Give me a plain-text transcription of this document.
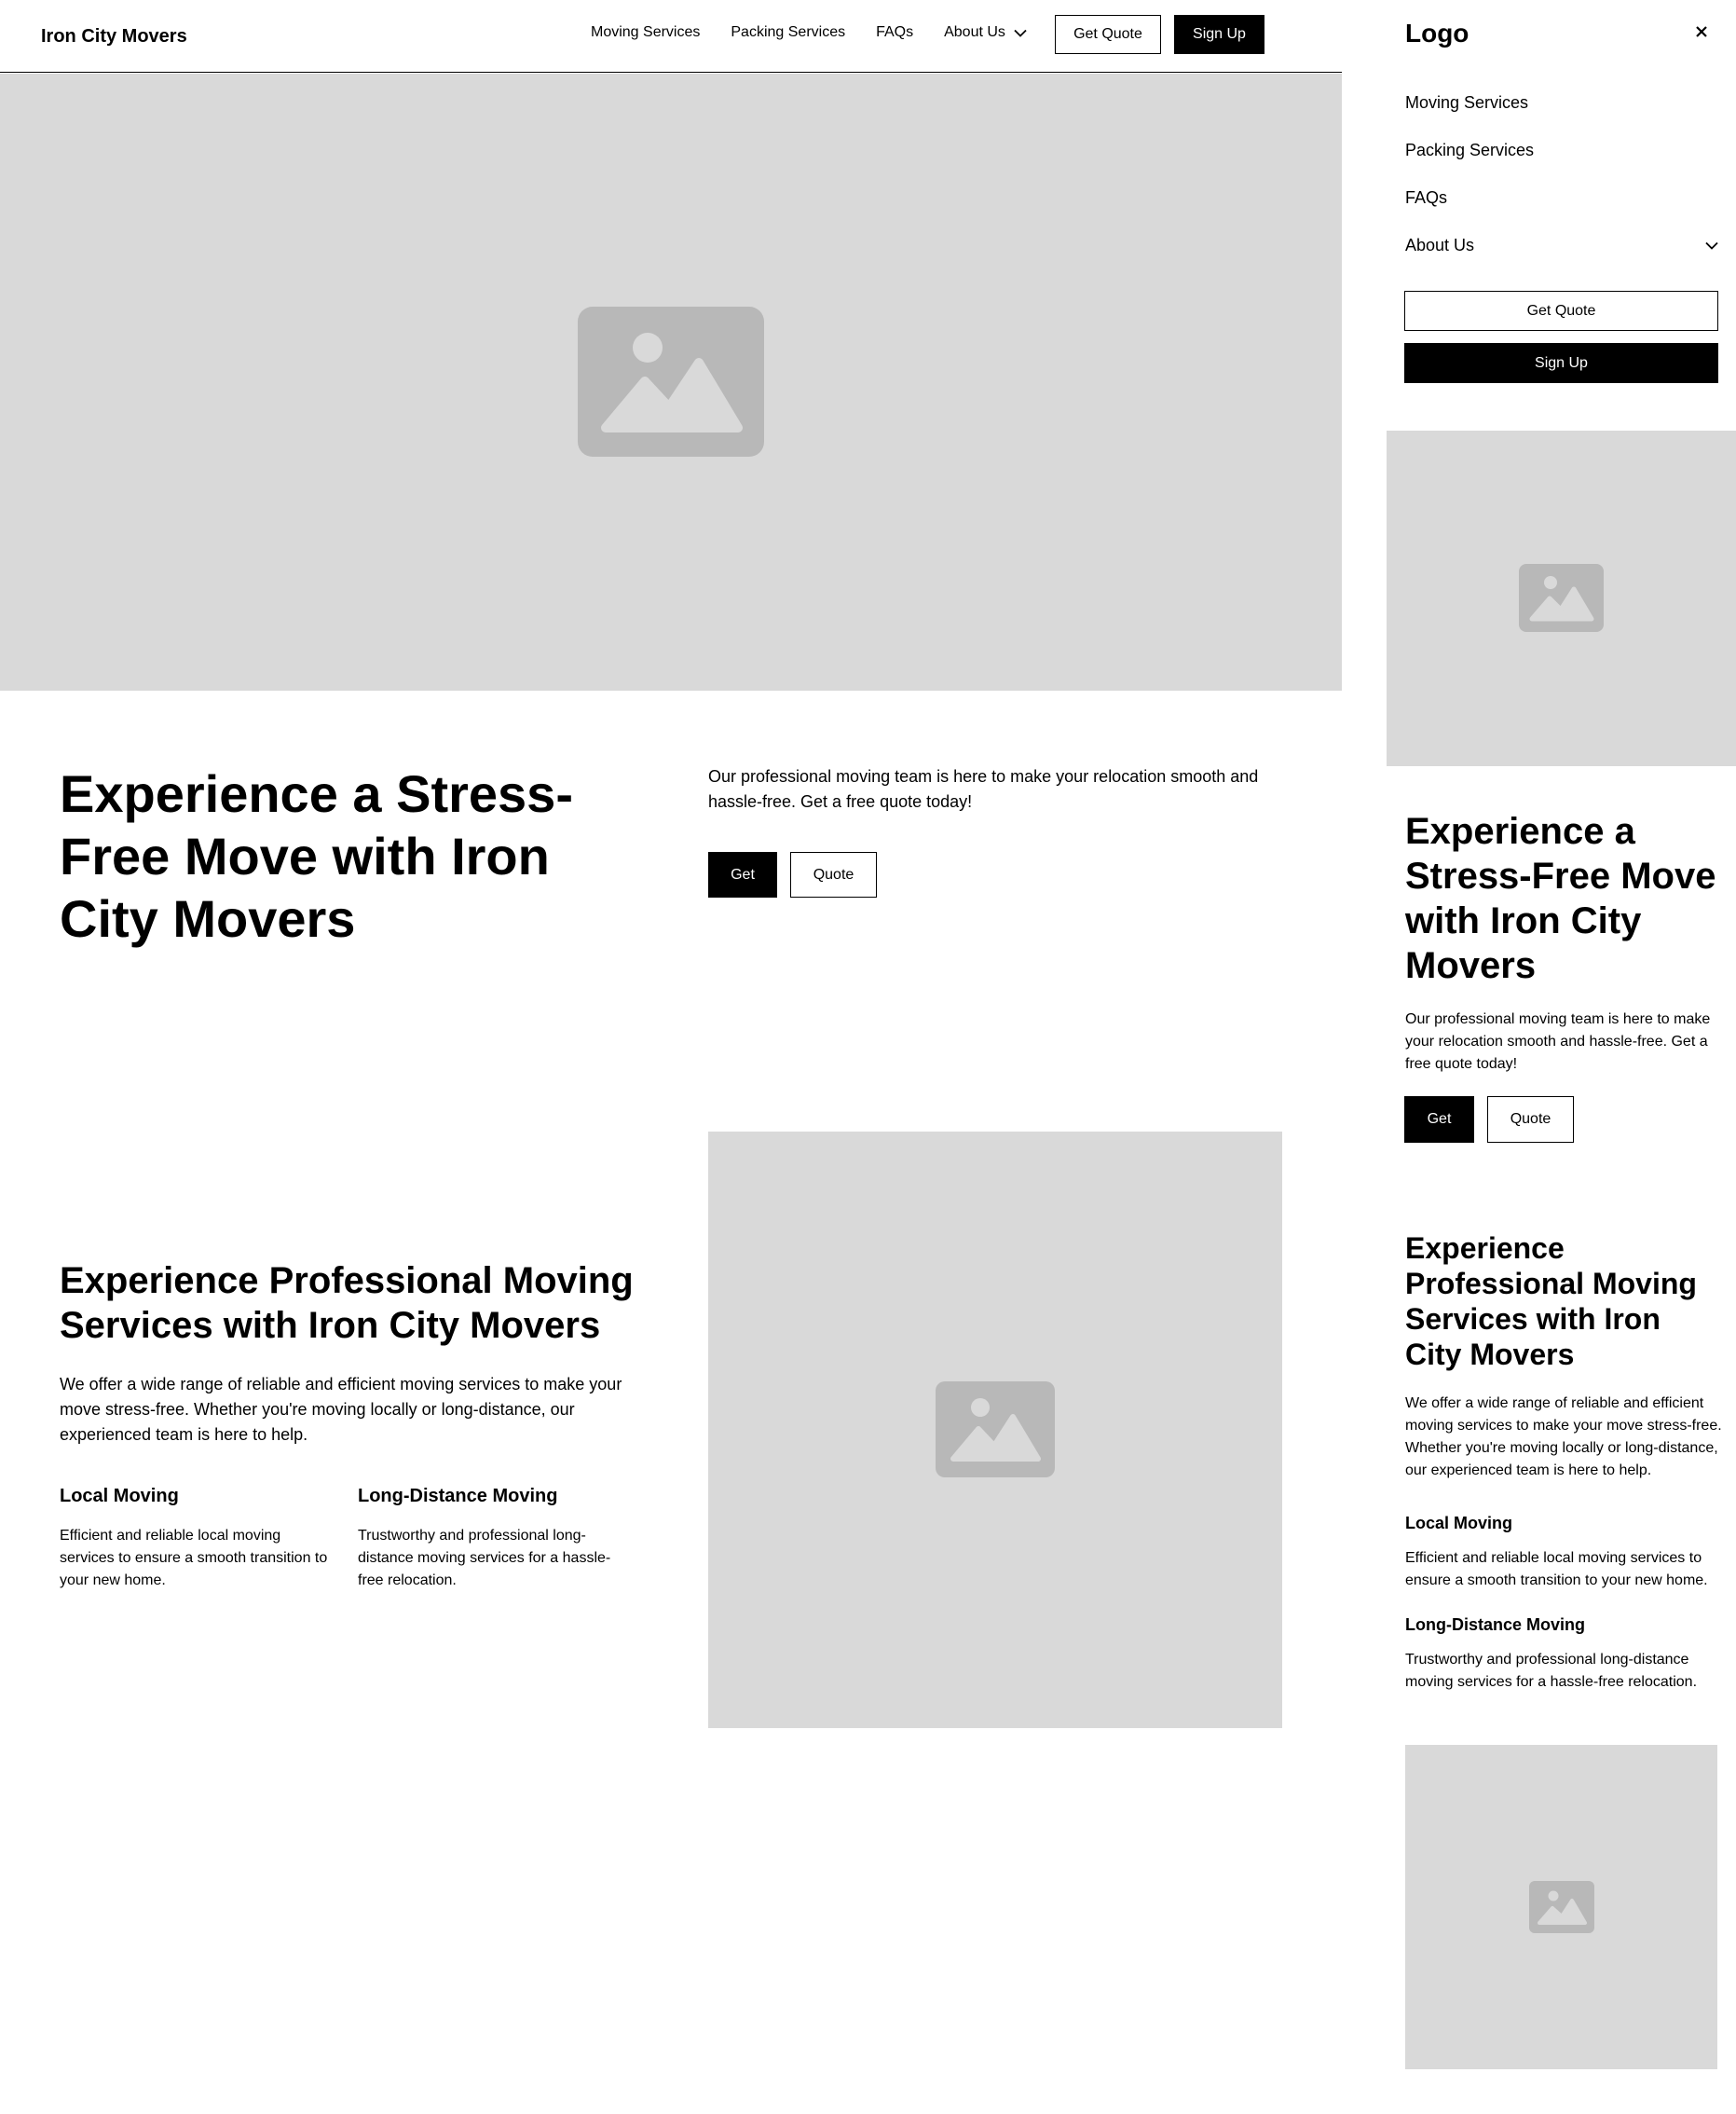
Iron City Movers	Moving Services Packing Services FAQs About Us	Get Quote	Sign Up
Experience a Stress-Free Move with Iron City Movers

Our professional moving team is here to make your relocation smooth and hassle-free. Get a free quote today!

Get	Quote
Experience Professional Moving Services with Iron City Movers

We offer a wide range of reliable and efficient moving services to make your move stress-free. Whether you're moving locally or long-distance, our experienced team is here to help.

Local Moving

Efficient and reliable local moving services to ensure a smooth transition to your new home.

Long-Distance Moving

Trustworthy and professional long-distance moving services for a hassle-free relocation.

Logo
Moving Services
Packing Services
FAQs
About Us
Get Quote
Sign Up
Experience a Stress-Free Move with Iron City Movers

Our professional moving team is here to make your relocation smooth and hassle-free. Get a free quote today!

Get	Quote
Experience Professional Moving Services with Iron City Movers

We offer a wide range of reliable and efficient moving services to make your move stress-free. Whether you're moving locally or long-distance, our experienced team is here to help.

Local Moving

Efficient and reliable local moving services to ensure a smooth transition to your new home.

Long-Distance Moving

Trustworthy and professional long-distance moving services for a hassle-free relocation.
